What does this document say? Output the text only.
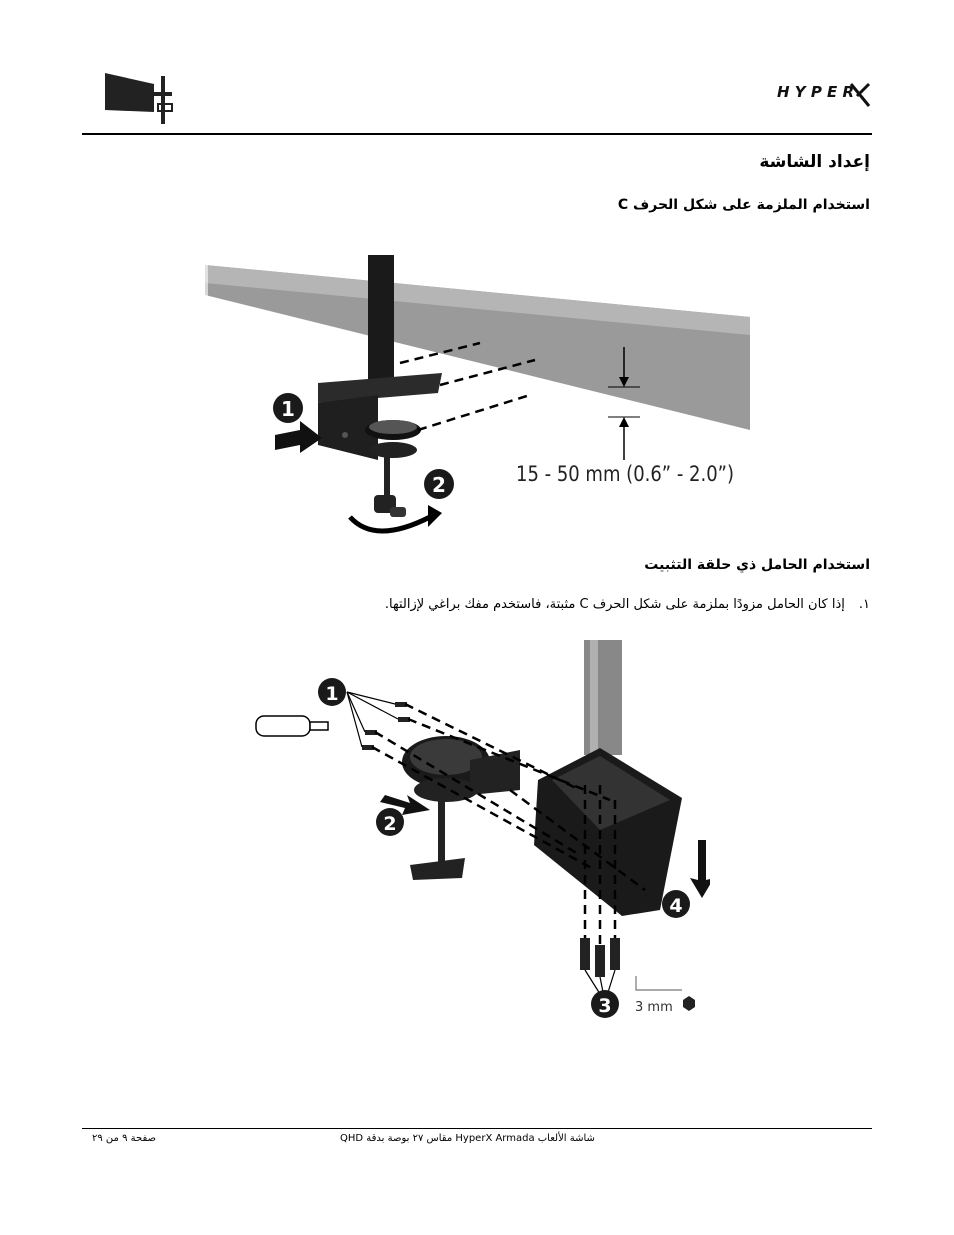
HYPER
إعداد الشاشة
استخدام الملزمة على شكل الحرف C
1
2	15 - 50 mm (0.6” - 2.0”)
استخدام الحامل ذي حلقة التثبيت
١.
إذا كان الحامل مزودًا بملزمة على شكل الحرف C مثبتة، فاستخدم مفك براغي لإزالتها.
1
2
3
4
3 mm
صفحة ٩ من ٢٩	شاشة الألعاب HyperX Armada مقاس ٢٧ بوصة بدقة QHD
